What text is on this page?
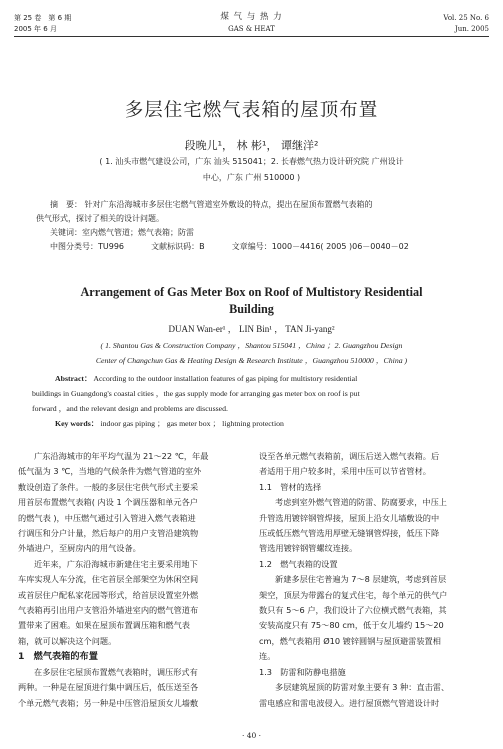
第 25 卷　第 6 期
2005 年 6 月
煤 气 与 热 力
GAS & HEAT
Vol. 25 No. 6
Jun. 2005
多层住宅燃气表箱的屋顶布置
段晚儿¹， 林 彬¹， 谭继洋²
( 1. 汕头市燃气建设公司，广东 汕头 515041；2. 长春燃气热力设计研究院 广州设计
中心，广东 广州 510000 )
摘　要： 针对广东沿海城市多层住宅燃气管道室外敷设的特点，提出在屋顶布置燃气表箱的
供气形式，探讨了相关的设计问题。
关键词：室内燃气管道；燃气表箱；防雷
中图分类号：TU996	文献标识码：B	文章编号：1000－4416( 2005 )06－0040－02
Arrangement of Gas Meter Box on Roof of Multistory Residential
Building
DUAN Wan-er¹ ， LIN Bin¹ ， TAN Ji-yang²
( 1. Shantou Gas & Construction Company ，Shantou 515041 ，China ；2. Guangzhou Design
Center of Changchun Gas & Heating Design & Research Institute ，Guangzhou 510000 ，China )
Abstract： According to the outdoor installation features of gas piping for multistory residential
buildings in Guangdong's coastal cities ，the gas supply mode for arranging gas meter box on roof is put
forward ，and the relevant design and problems are discussed.
Key words： indoor gas piping ； gas meter box ； lightning protection
广东沿海城市的年平均气温为 21～22 ℃，年最
低气温为 3 ℃，当地的气候条件为燃气管道的室外
敷设创造了条件。一般的多层住宅供气形式主要采
用首层布置燃气表箱( 内设 1 个调压器和单元各户
的燃气表 )，中压燃气通过引入管进入燃气表箱进
行调压和分户计量，然后每户的用户支管沿建筑物
外墙进户，至厨房内的用气设备。
近年来，广东沿海城市新建住宅主要采用地下
车库实现人车分流，住宅首层全部架空为休闲空间
或首层住户配私家花园等形式，给首层设置室外燃
气表箱再引出用户支管沿外墙进室内的燃气管道布
置带来了困难。如果在屋顶布置调压箱和燃气表
箱，就可以解决这个问题。
1　燃气表箱的布置
在多层住宅屋顶布置燃气表箱时，调压形式有
两种。一种是在屋顶进行集中调压后，低压送至各
个单元燃气表箱；另一种是中压管沿屋顶女儿墙敷
设至各单元燃气表箱前，调压后送入燃气表箱。后
者适用于用户较多时，采用中压可以节省管材。
1.1　管材的选择
考虑到室外燃气管道的防雷、防腐要求，中压上
升管选用镀锌钢管焊接，屋顶上沿女儿墙敷设的中
压或低压燃气管选用厚壁无缝钢管焊接，低压下降
管选用镀锌钢管螺纹连接。
1.2　燃气表箱的设置
新建多层住宅普遍为 7～8 层建筑，考虑到首层
架空，顶层为带露台的复式住宅，每个单元的供气户
数只有 5～6 户，我们设计了六位横式燃气表箱，其
安装高度只有 75～80 cm，低于女儿墙约 15～20
cm，燃气表箱用 Ø10 镀锌圆钢与屋顶避雷装置相
连。
1.3　防雷和防静电措施
多层建筑屋顶的防雷对象主要有 3 种：直击雷、
雷电感应和雷电波侵入。进行屋顶燃气管道设计时
· 40 ·
